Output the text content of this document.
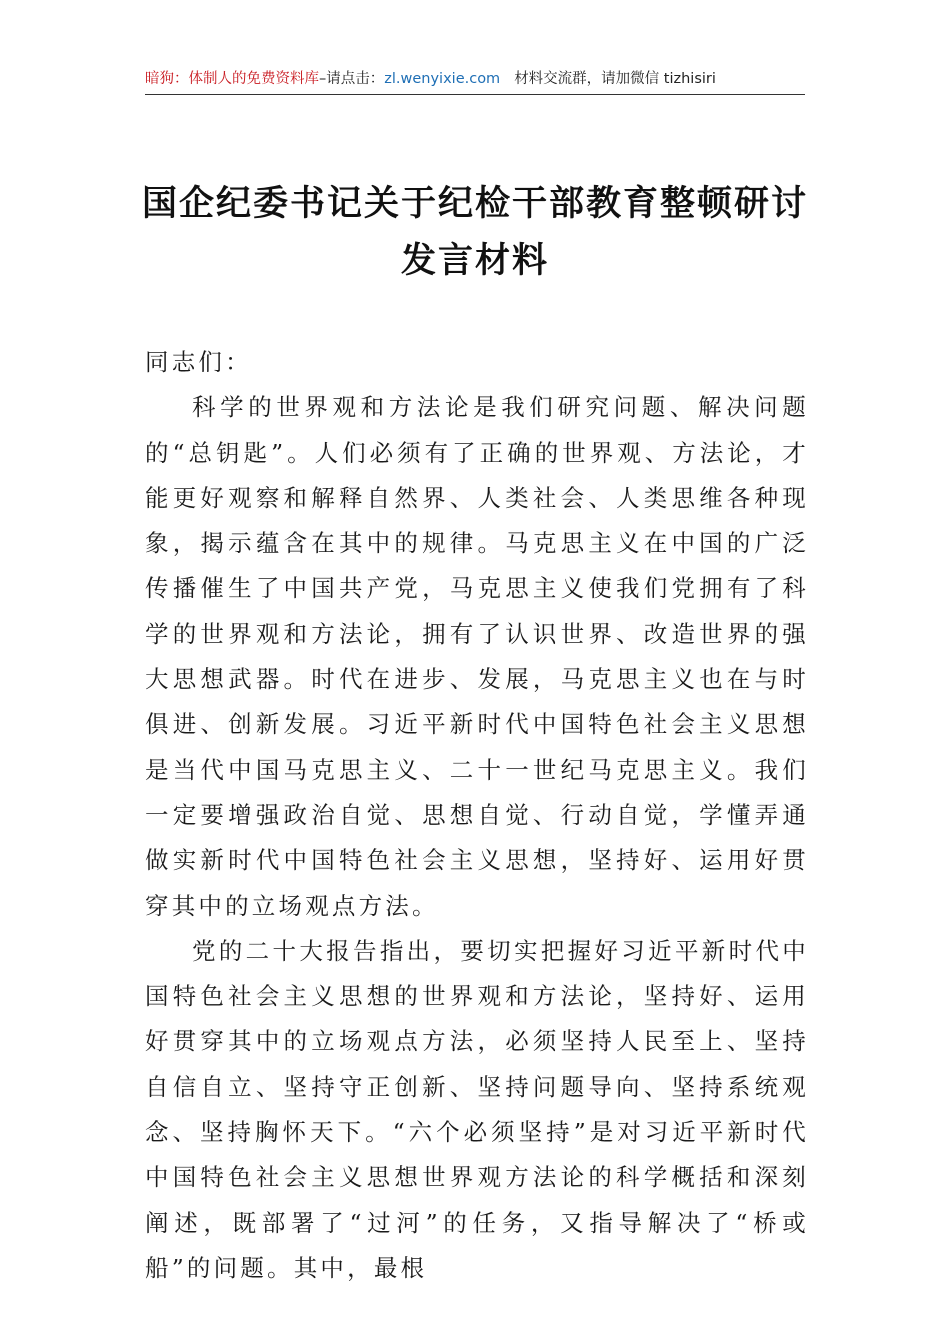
暗狗：体制人的免费资料库 –请点击： zl.wenyixie.com 材料交流群，请加微信 tizhisiri
国企纪委书记关于纪检干部教育整顿研讨
发言材料

同志们：

科学的世界观和方法论是我们研究问题、解决问题的“总钥匙”。人们必须有了正确的世界观、方法论，才能更好观察和解释自然界、人类社会、人类思维各种现象，揭示蕴含在其中的规律。马克思主义在中国的广泛传播催生了中国共产党，马克思主义使我们党拥有了科学的世界观和方法论，拥有了认识世界、改造世界的强大思想武器。时代在进步、发展，马克思主义也在与时俱进、创新发展。习近平新时代中国特色社会主义思想是当代中国马克思主义、二十一世纪马克思主义。我们一定要增强政治自觉、思想自觉、行动自觉，学懂弄通做实新时代中国特色社会主义思想，坚持好、运用好贯穿其中的立场观点方法。

党的二十大报告指出，要切实把握好习近平新时代中国特色社会主义思想的世界观和方法论，坚持好、运用好贯穿其中的立场观点方法，必须坚持人民至上、坚持自信自立、坚持守正创新、坚持问题导向、坚持系统观念、坚持胸怀天下。“六个必须坚持”是对习近平新时代中国特色社会主义思想世界观方法论的科学概括和深刻阐述，既部署了“过河”的任务，又指导解决了“桥或船”的问题。其中，最根
